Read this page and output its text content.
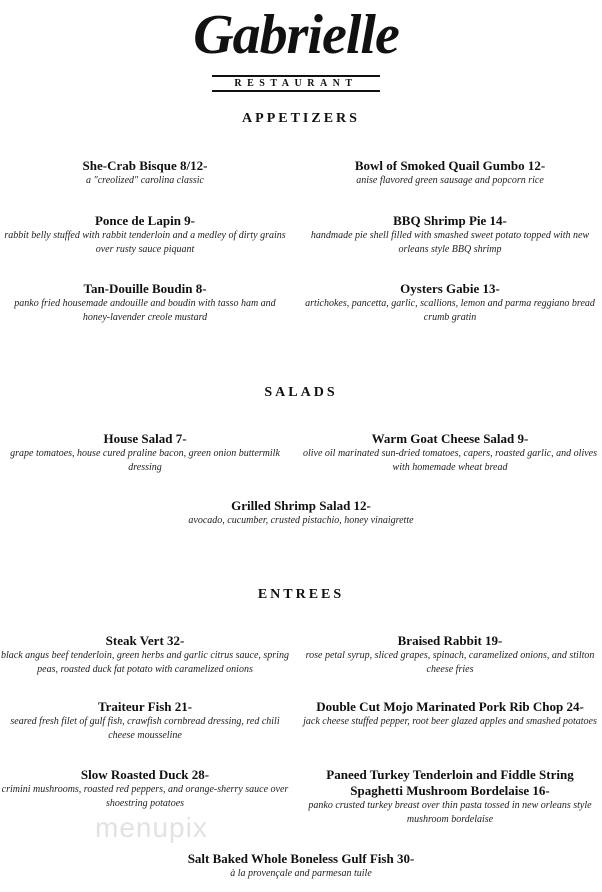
Gabrielle
RESTAURANT
APPETIZERS
She-Crab Bisque 8/12-
a "creolized" carolina classic
Bowl of Smoked Quail Gumbo 12-
anise flavored green sausage and popcorn rice
Ponce de Lapin 9-
rabbit belly stuffed with rabbit tenderloin and a medley of dirty grains over rusty sauce piquant
BBQ Shrimp Pie 14-
handmade pie shell filled with smashed sweet potato topped with new orleans style BBQ shrimp
Tan-Douille Boudin 8-
panko fried housemade andouille and boudin with tasso ham and honey-lavender creole mustard
Oysters Gabie 13-
artichokes, pancetta, garlic, scallions, lemon and parma reggiano bread crumb gratin
SALADS
House Salad 7-
grape tomatoes, house cured praline bacon, green onion buttermilk dressing
Warm Goat Cheese Salad 9-
olive oil marinated sun-dried tomatoes, capers, roasted garlic, and olives with homemade wheat bread
Grilled Shrimp Salad 12-
avocado, cucumber, crusted pistachio, honey vinaigrette
ENTREES
Steak Vert 32-
black angus beef tenderloin, green herbs and garlic citrus sauce, spring peas, roasted duck fat potato with caramelized onions
Braised Rabbit 19-
rose petal syrup, sliced grapes, spinach, caramelized onions, and stilton cheese fries
Traiteur Fish 21-
seared fresh filet of gulf fish, crawfish cornbread dressing, red chili cheese mousseline
Double Cut Mojo Marinated Pork Rib Chop 24-
jack cheese stuffed pepper, root beer glazed apples and smashed potatoes
Slow Roasted Duck 28-
crimini mushrooms, roasted red peppers, and orange-sherry sauce over shoestring potatoes
Paneed Turkey Tenderloin and Fiddle String Spaghetti Mushroom Bordelaise 16-
panko crusted turkey breast over thin pasta tossed in new orleans style mushroom bordelaise
menupix
Salt Baked Whole Boneless Gulf Fish 30-
à la provençale and parmesan tuile
